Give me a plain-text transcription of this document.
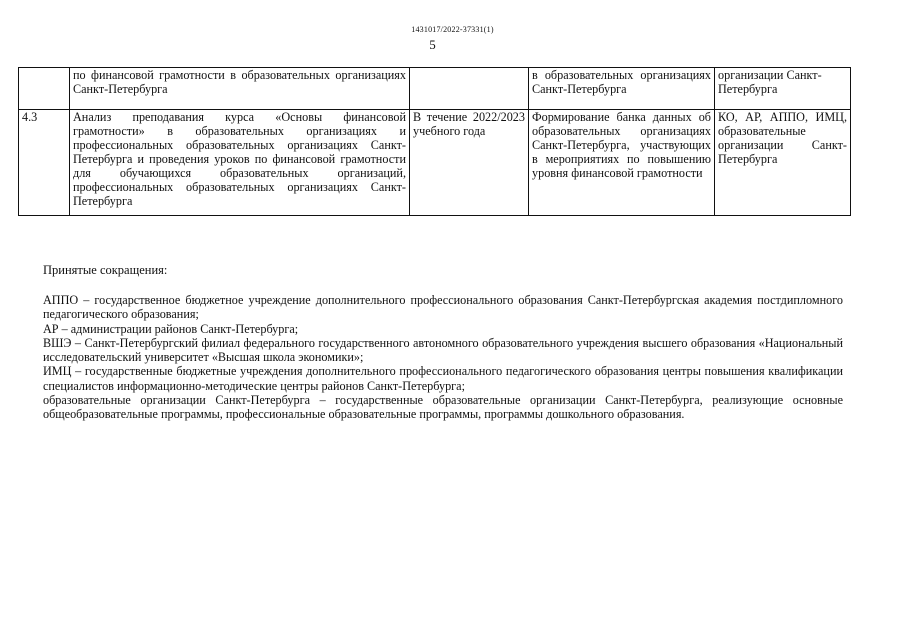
1431017/2022-37331(1)
5
	по финансовой грамотности в образовательных организациях Санкт-Петербурга		в образовательных организациях Санкт-Петербурга	организации Санкт-Петербурга
4.3	Анализ преподавания курса «Основы финансовой грамотности» в образовательных организациях и профессиональных образовательных организациях Санкт-Петербурга и проведения уроков по финансовой грамотности для обучающихся образовательных организаций, профессиональных образовательных организациях Санкт-Петербурга	В течение 2022/2023 учебного года	Формирование банка данных об образовательных организациях Санкт-Петербурга, участвующих в мероприятиях по повышению уровня финансовой грамотности	КО, АР, АППО, ИМЦ, образовательные организации Санкт-Петербурга
Принятые сокращения:

АППО – государственное бюджетное учреждение дополнительного профессионального образования Санкт-Петербургская академия постдипломного педагогического образования;

АР – администрации районов Санкт-Петербурга;

ВШЭ – Санкт-Петербургский филиал федерального государственного автономного образовательного учреждения высшего образования «Национальный исследовательский университет «Высшая школа экономики»;

ИМЦ – государственные бюджетные учреждения дополнительного профессионального педагогического образования центры повышения квалификации специалистов информационно-методические центры районов Санкт-Петербурга;

образовательные организации Санкт-Петербурга – государственные образовательные организации Санкт-Петербурга, реализующие основные общеобразовательные программы, профессиональные образовательные программы, программы дошкольного образования.
